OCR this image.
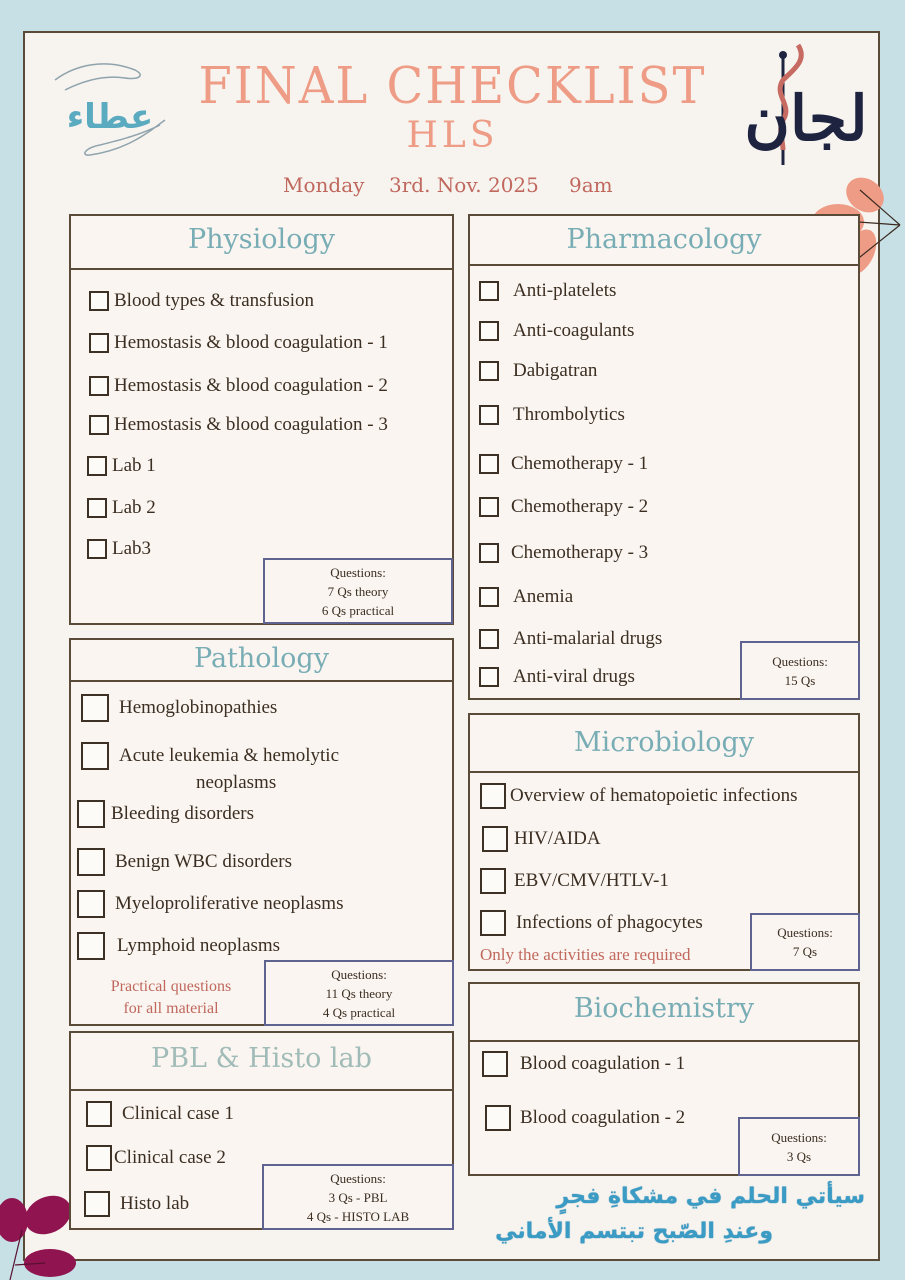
عطاء	لجان
FINAL CHECKLIST
HLS
Monday 3rd. Nov. 2025 9am
Physiology
Blood types & transfusion
Hemostasis & blood coagulation - 1
Hemostasis & blood coagulation - 2
Hemostasis & blood coagulation - 3
Lab 1
Lab 2
Lab3
Questions:
7 Qs theory
6 Qs practical
Pharmacology
Anti-platelets
Anti-coagulants
Dabigatran
Thrombolytics
Chemotherapy - 1
Chemotherapy - 2
Chemotherapy - 3
Anemia
Anti-malarial drugs
Anti-viral drugs
Questions:
15 Qs
Pathology
Hemoglobinopathies
Acute leukemia & hemolytic
neoplasms
Bleeding disorders
Benign WBC disorders
Myeloproliferative neoplasms
Lymphoid neoplasms
Practical questions
for all material
Questions:
11 Qs theory
4 Qs practical
Microbiology
Overview of hematopoietic infections
HIV/AIDA
EBV/CMV/HTLV-1
Infections of phagocytes
Only the activities are required
Questions:
7 Qs
PBL & Histo lab
Clinical case 1
Clinical case 2
Histo lab
Questions:
3 Qs - PBL
4 Qs - HISTO LAB
Biochemistry
Blood coagulation - 1
Blood coagulation - 2
Questions:
3 Qs
سيأتي الحلم في مشكاةِ فجرٍ
وعندِ الصّبح تبتسم الأماني
